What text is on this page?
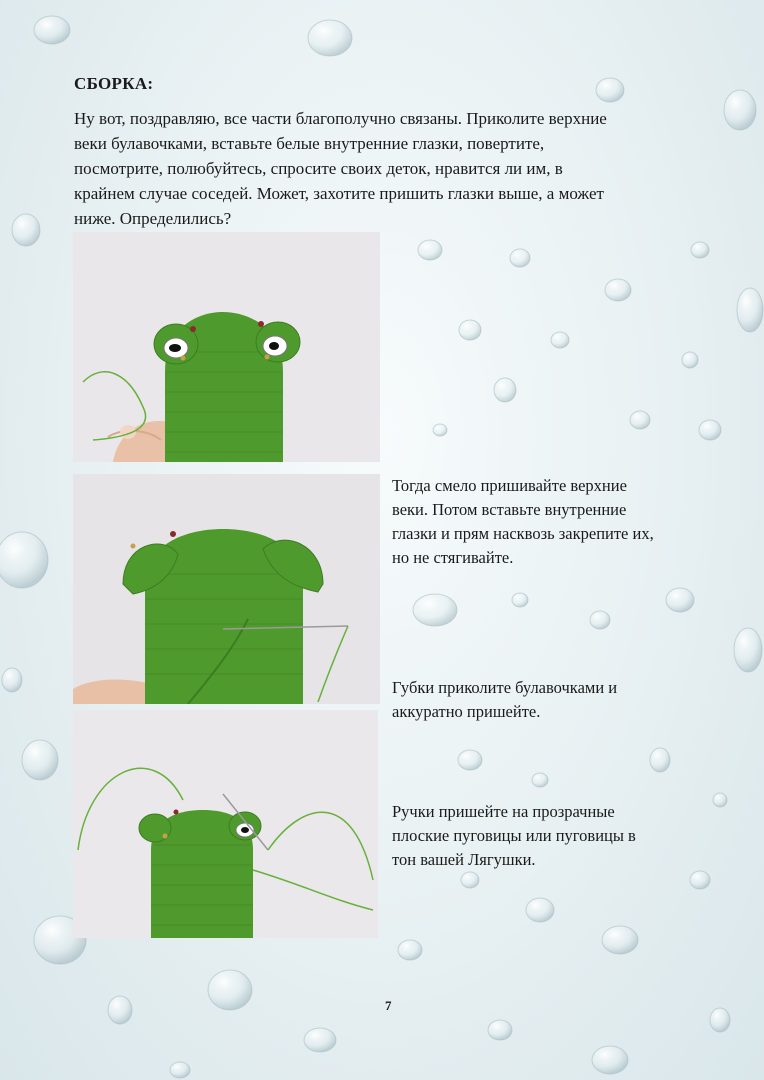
СБОРКА:

Ну вот, поздравляю, все части благополучно связаны. Приколите верхние
веки булавочками, вставьте белые внутренние глазки, повертите,
посмотрите, полюбуйтесь, спросите своих деток, нравится ли им, в
крайнем случае соседей. Может, захотите пришить глазки выше, а может
ниже. Определились?

Тогда смело пришивайте верхние
веки. Потом вставьте внутренние
глазки и прям насквозь закрепите их,
но не стягивайте.

Губки приколите булавочками и
аккуратно пришейте.

Ручки пришейте на прозрачные
плоские пуговицы или пуговицы в
тон вашей Лягушки.

7
